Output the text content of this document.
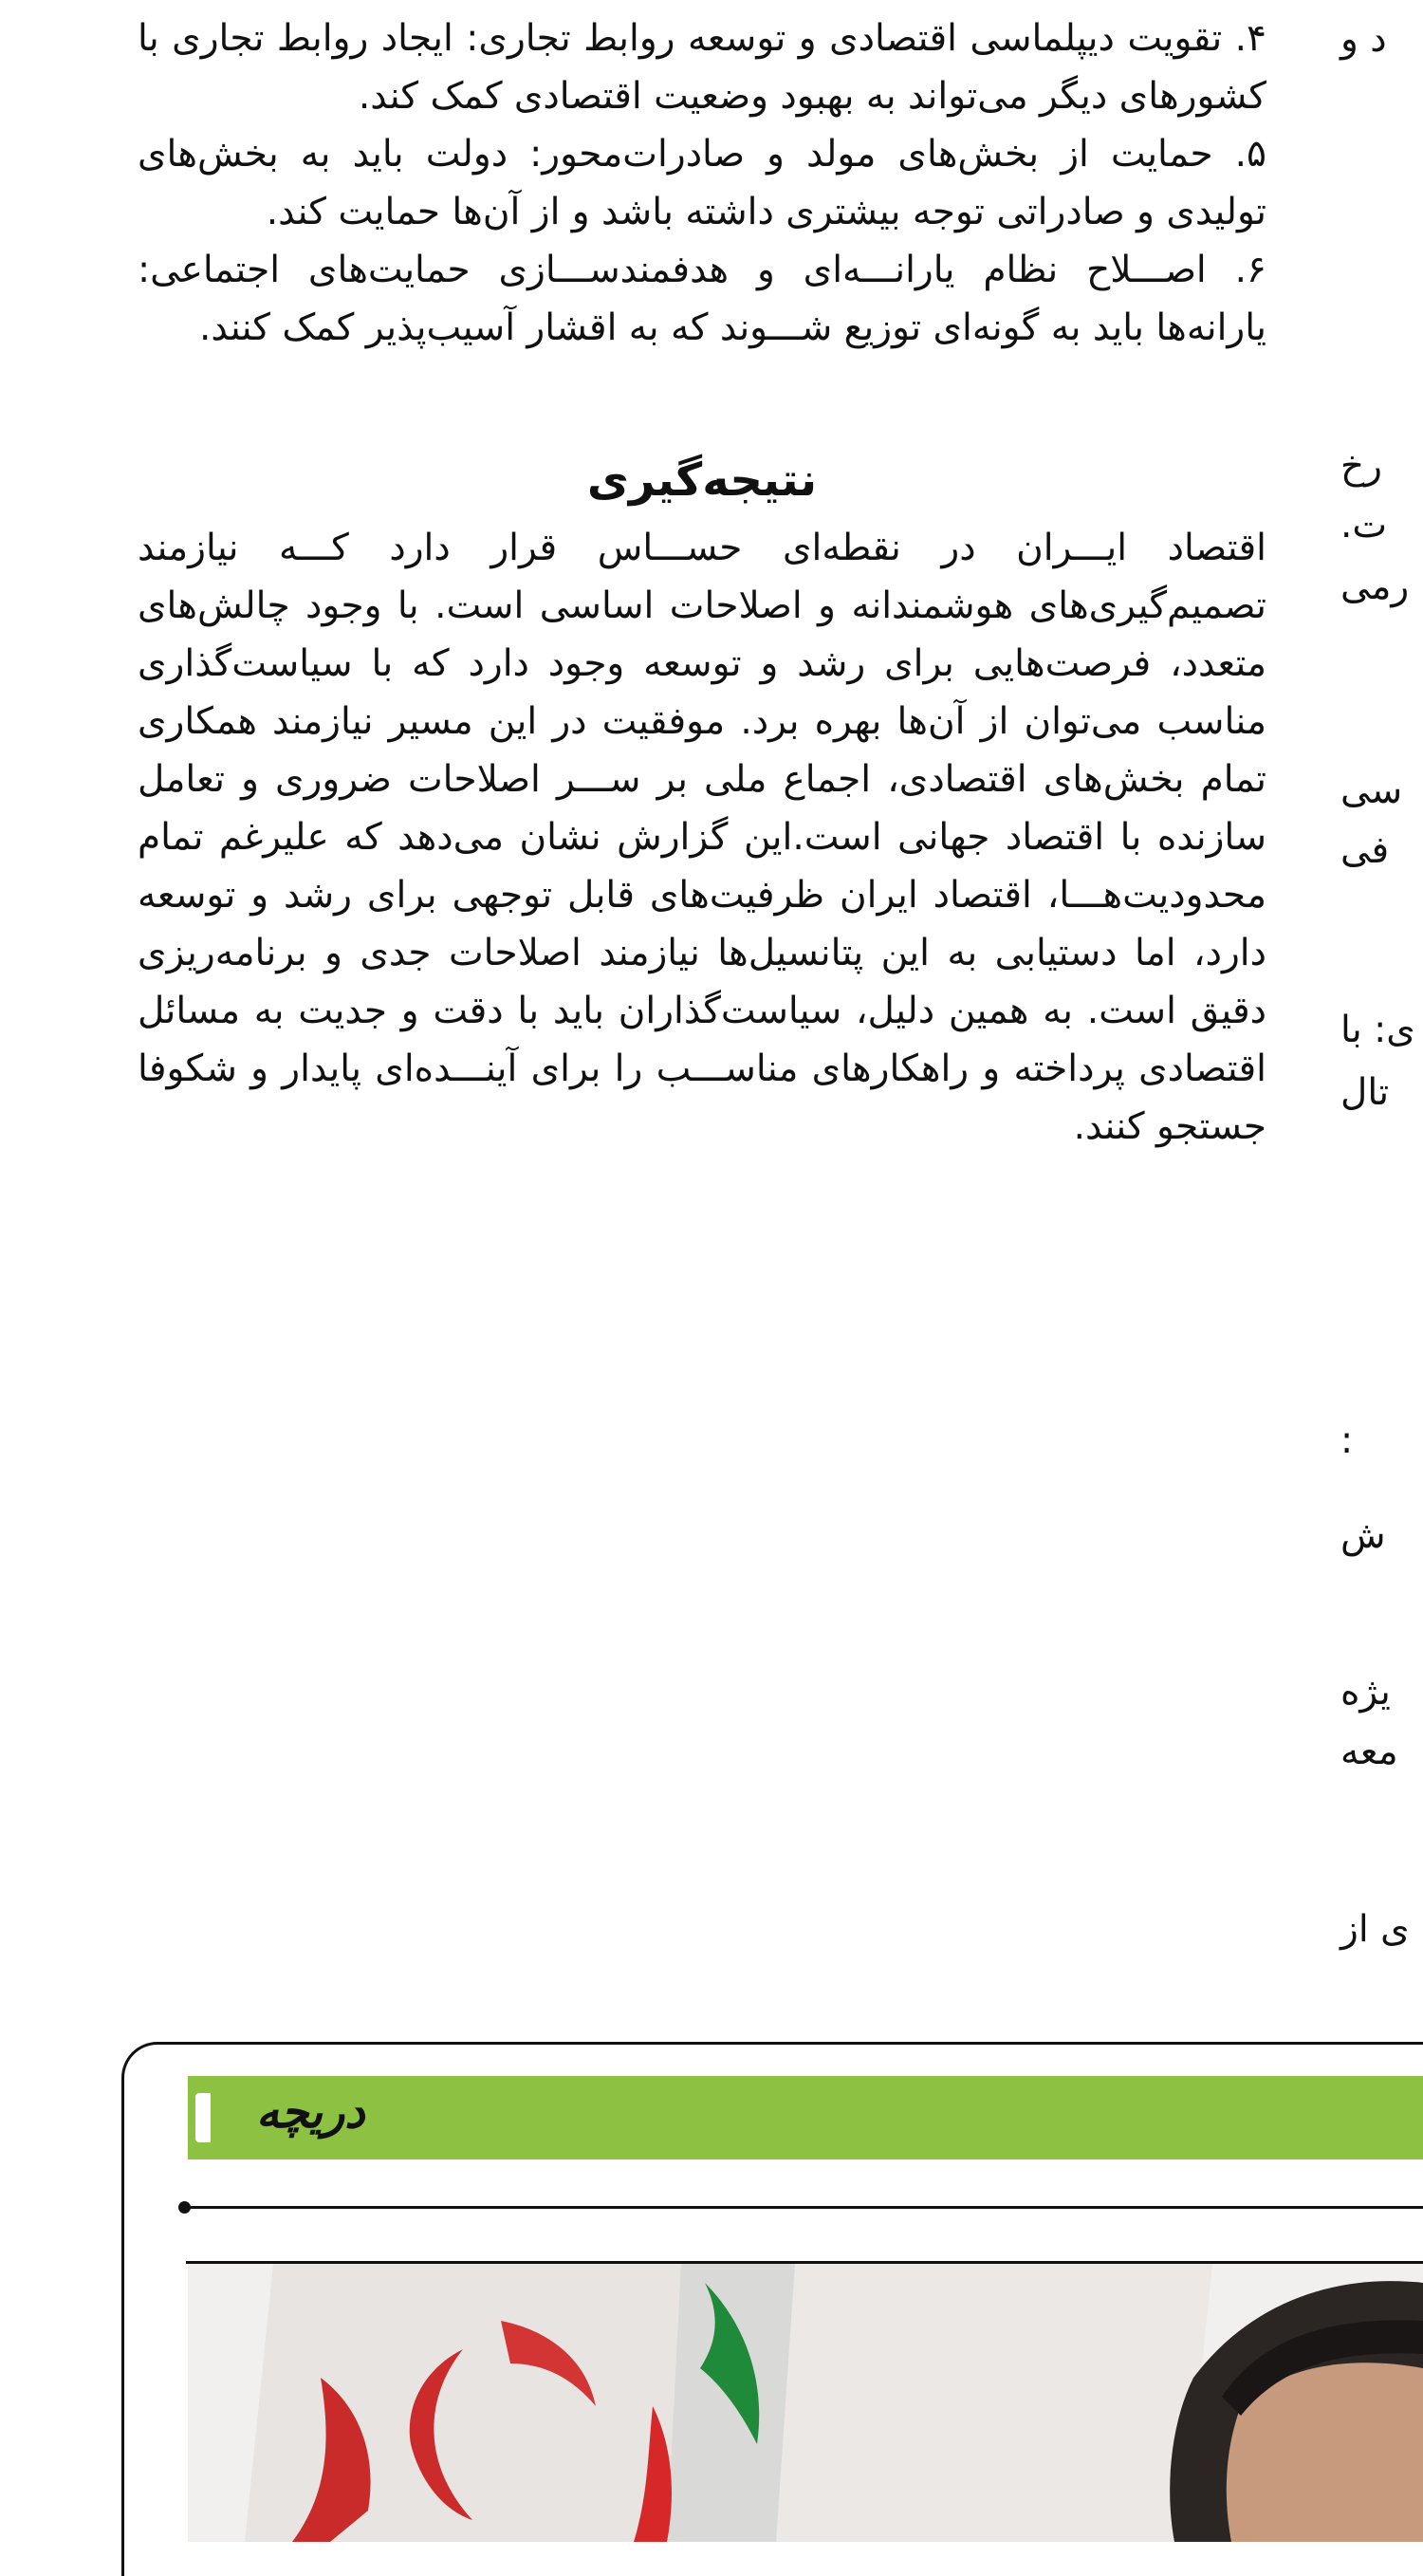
۴. تقویت دیپلماسی اقتصادی و توسعه روابط تجاری: ایجاد روابط تجاری با کشورهای دیگر می‌تواند به بهبود وضعیت اقتصادی کمک کند.

۵. حمایت از بخش‌های مولد و صادرات‌محور: دولت باید به بخش‌های تولیدی و صادراتی توجه بیشتری داشته باشد و از آن‌ها حمایت کند.

۶. اصـــلاح نظام یارانـــه‌ای و هدفمندســـازی حمایت‌های اجتماعی: یارانه‌ها باید به گونه‌ای توزیع شـــوند که به اقشار آسیب‌پذیر کمک کنند.

نتیجه‌گیری

اقتصاد ایـــران در نقطه‌ای حســـاس قرار دارد کـــه نیازمند تصمیم‌گیری‌های هوشمندانه و اصلاحات اساسی است. با وجود چالش‌های متعدد، فرصت‌هایی برای رشد و توسعه وجود دارد که با سیاست‌گذاری مناسب می‌توان از آن‌ها بهره برد. موفقیت در این مسیر نیازمند همکاری تمام بخش‌های اقتصادی، اجماع ملی بر ســـر اصلاحات ضروری و تعامل سازنده با اقتصاد جهانی است.این گزارش نشان می‌دهد که علیرغم تمام محدودیت‌هـــا، اقتصاد ایران ظرفیت‌های قابل توجهی برای رشد و توسعه دارد، اما دستیابی به این پتانسیل‌ها نیازمند اصلاحات جدی و برنامه‌ریزی دقیق است. به همین دلیل، سیاست‌گذاران باید با دقت و جدیت به مسائل اقتصادی پرداخته و راهکارهای مناســـب را برای آینـــده‌ای پایدار و شکوفا جستجو کنند.

د و
رخ
ت.
رمی
سی
فی
ی: با
تال
:
ش
یژه
معه
ی از
دریچه
